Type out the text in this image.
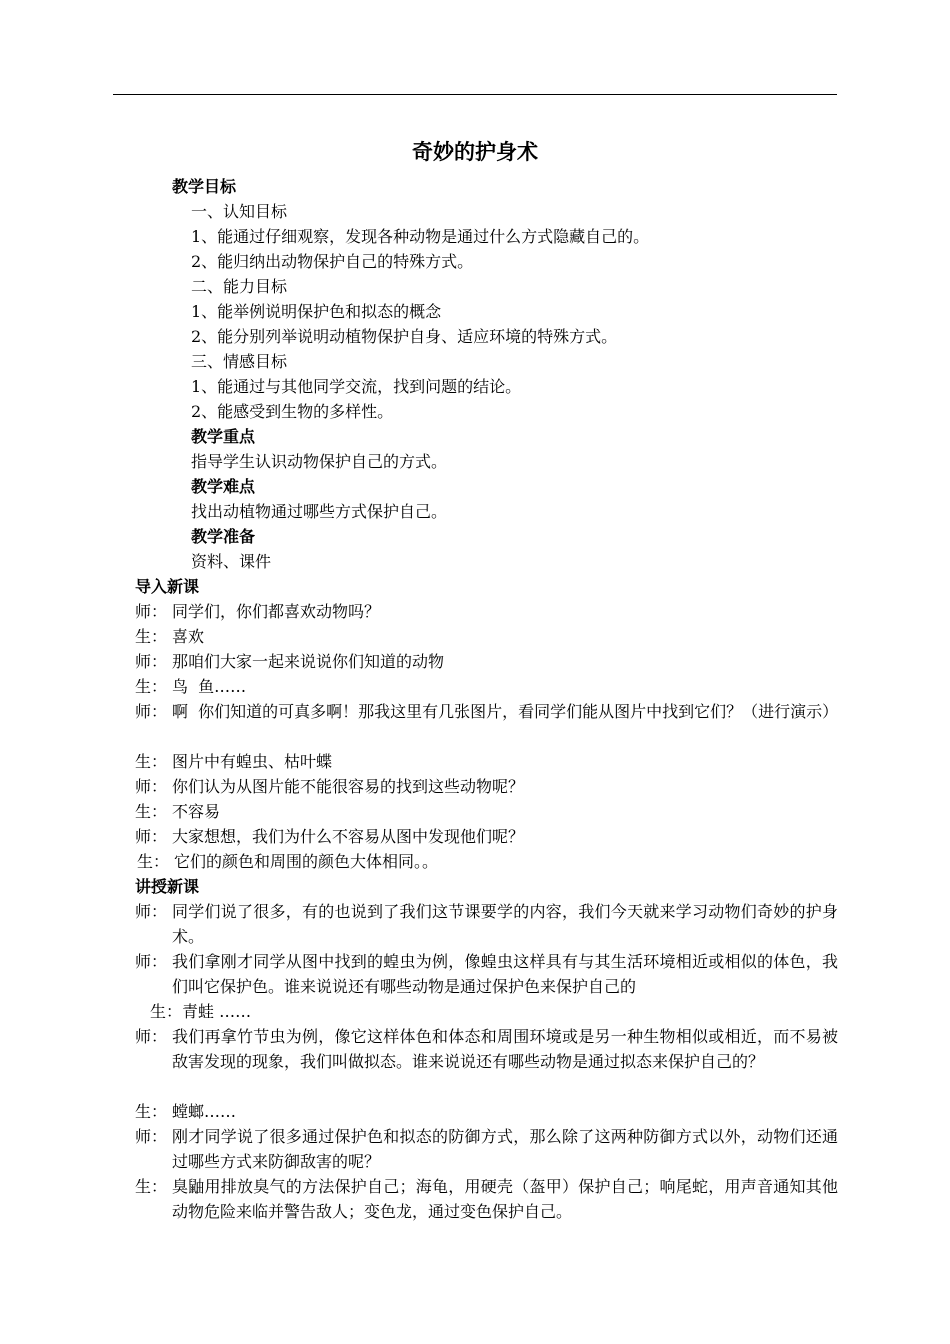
奇妙的护身术
教学目标
一、认知目标
1、能通过仔细观察，发现各种动物是通过什么方式隐藏自己的。
2、能归纳出动物保护自己的特殊方式。
二、能力目标
1、能举例说明保护色和拟态的概念
2、能分别列举说明动植物保护自身、适应环境的特殊方式。
三、情感目标
1、能通过与其他同学交流，找到问题的结论。
2、能感受到生物的多样性。
教学重点
指导学生认识动物保护自己的方式。
教学难点
找出动植物通过哪些方式保护自己。
教学准备
资料、课件
导入新课
师： 同学们，你们都喜欢动物吗？
生： 喜欢
师： 那咱们大家一起来说说你们知道的动物
生： 鸟  鱼……
师： 啊  你们知道的可真多啊！那我这里有几张图片，看同学们能从图片中找到它们？（进行演示）
生： 图片中有蝗虫、枯叶蝶
师： 你们认为从图片能不能很容易的找到这些动物呢？
生： 不容易
师： 大家想想，我们为什么不容易从图中发现他们呢？
生： 它们的颜色和周围的颜色大体相同。。
讲授新课
师： 同学们说了很多，有的也说到了我们这节课要学的内容，我们今天就来学习动物们奇妙的护身术。
师： 我们拿刚才同学从图中找到的蝗虫为例，像蝗虫这样具有与其生活环境相近或相似的体色，我们叫它保护色。谁来说说还有哪些动物是通过保护色来保护自己的
生：青蛙 ……
师： 我们再拿竹节虫为例，像它这样体色和体态和周围环境或是另一种生物相似或相近，而不易被敌害发现的现象，我们叫做拟态。谁来说说还有哪些动物是通过拟态来保护自己的？
生： 螳螂……
师： 刚才同学说了很多通过保护色和拟态的防御方式，那么除了这两种防御方式以外，动物们还通过哪些方式来防御敌害的呢？
生： 臭鼬用排放臭气的方法保护自己；海龟，用硬壳（盔甲）保护自己；响尾蛇，用声音通知其他动物危险来临并警告敌人；变色龙，通过变色保护自己。
